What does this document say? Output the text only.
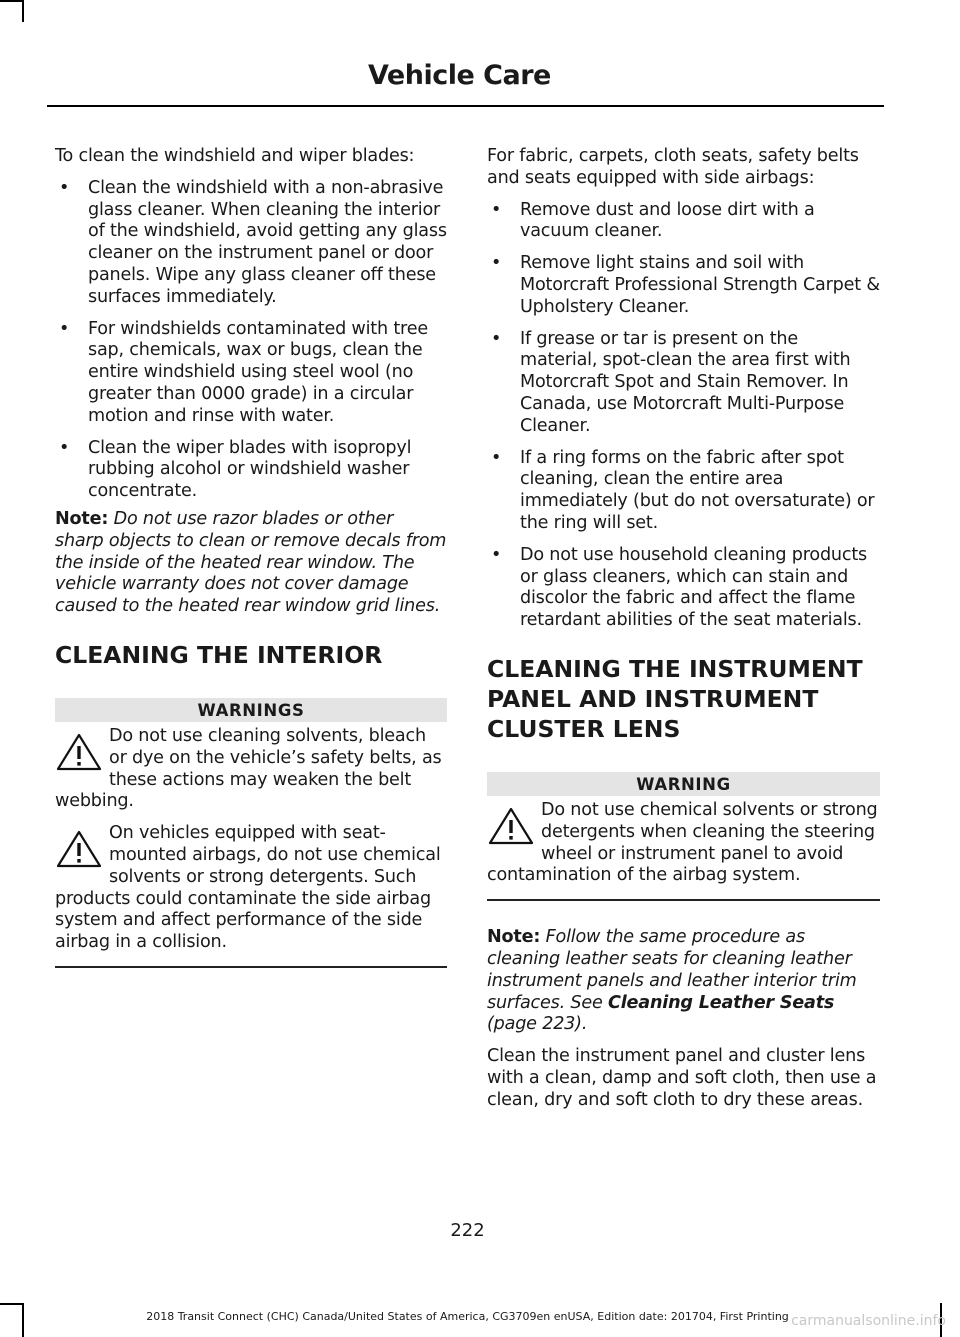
Vehicle Care

To clean the windshield and wiper blades:

• Clean the windshield with a non-abrasive glass cleaner. When cleaning the interior of the windshield, avoid getting any glass cleaner on the instrument panel or door panels. Wipe any glass cleaner off these surfaces immediately.
• For windshields contaminated with tree sap, chemicals, wax or bugs, clean the entire windshield using steel wool (no greater than 0000 grade) in a circular motion and rinse with water.
• Clean the wiper blades with isopropyl rubbing alcohol or windshield washer concentrate.

Note: Do not use razor blades or other sharp objects to clean or remove decals from the inside of the heated rear window. The vehicle warranty does not cover damage caused to the heated rear window grid lines.

CLEANING THE INTERIOR
WARNINGS
Do not use cleaning solvents, bleach or dye on the vehicle’s safety belts, as these actions may weaken the belt webbing.
On vehicles equipped with seat-mounted airbags, do not use chemical solvents or strong detergents. Such products could contaminate the side airbag system and affect performance of the side airbag in a collision.

For fabric, carpets, cloth seats, safety belts and seats equipped with side airbags:

• Remove dust and loose dirt with a vacuum cleaner.
• Remove light stains and soil with Motorcraft Professional Strength Carpet & Upholstery Cleaner.
• If grease or tar is present on the material, spot-clean the area first with Motorcraft Spot and Stain Remover. In Canada, use Motorcraft Multi-Purpose Cleaner.
• If a ring forms on the fabric after spot cleaning, clean the entire area immediately (but do not oversaturate) or the ring will set.
• Do not use household cleaning products or glass cleaners, which can stain and discolor the fabric and affect the flame retardant abilities of the seat materials.
CLEANING THE INSTRUMENT
PANEL AND INSTRUMENT
CLUSTER LENS
WARNING
Do not use chemical solvents or strong detergents when cleaning the steering wheel or instrument panel to avoid contamination of the airbag system.

Note: Follow the same procedure as cleaning leather seats for cleaning leather instrument panels and leather interior trim surfaces. See Cleaning Leather Seats (page 223).

Clean the instrument panel and cluster lens with a clean, damp and soft cloth, then use a clean, dry and soft cloth to dry these areas.

222
2018 Transit Connect (CHC) Canada/United States of America, CG3709en enUSA, Edition date: 201704, First Printing carmanualsonline.info
